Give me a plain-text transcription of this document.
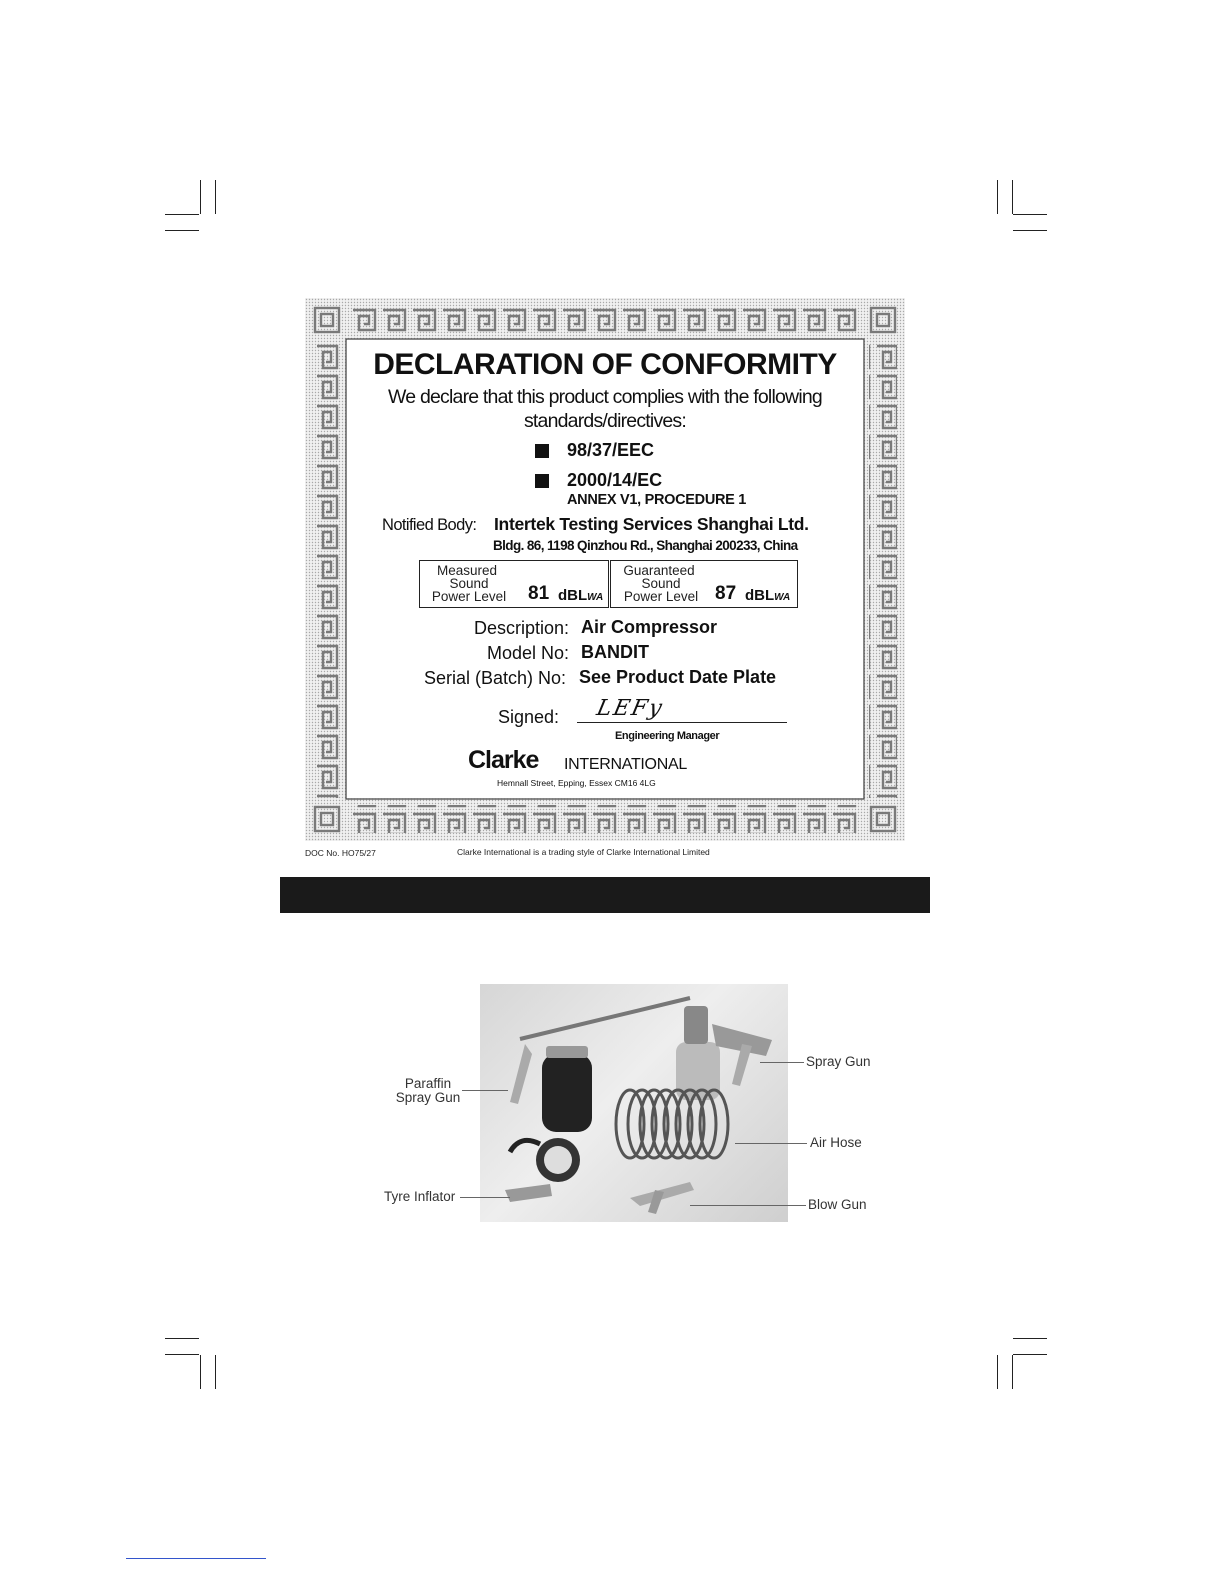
DECLARATION OF CONFORMITY
We declare that this product complies with the following
standards/directives:
98/37/EEC
2000/14/EC
ANNEX V1, PROCEDURE 1
Notified Body: Intertek Testing Services Shanghai Ltd.
Bldg. 86, 1198 Qinzhou Rd., Shanghai 200233, China
Measured
Sound
Power Level	81 dBLWA
Guaranteed
Sound
Power Level 87 dBLWA
Description: Air Compressor
Model No: BANDIT
Serial (Batch) No: See Product Date Plate
Signed: LEFy
Engineering Manager
Clarke INTERNATIONAL
Hemnall Street, Epping, Essex CM16 4LG
DOC No. HO75/27	Clarke International is a trading style of Clarke International Limited
Paraffin
Spray Gun
Spray Gun
Air Hose
Tyre Inflator
Blow Gun
